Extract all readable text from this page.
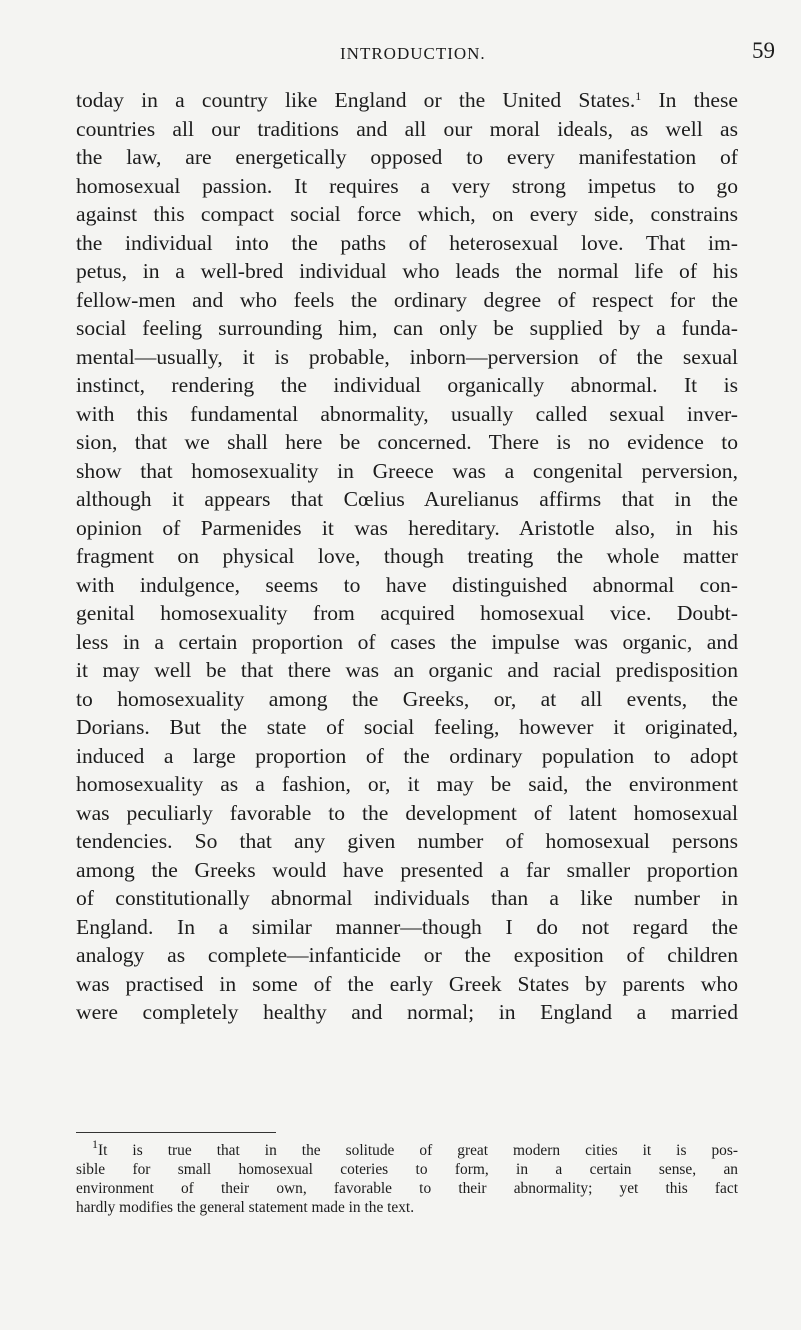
INTRODUCTION.	59
today in a country like England or the United States.$^1$ In these
countries all our traditions and all our moral ideals, as well as
the law, are energetically opposed to every manifestation of
homosexual passion. It requires a very strong impetus to go
against this compact social force which, on every side, constrains
the individual into the paths of heterosexual love. That im-
petus, in a well-bred individual who leads the normal life of his
fellow-men and who feels the ordinary degree of respect for the
social feeling surrounding him, can only be supplied by a funda-
mental—usually, it is probable, inborn—perversion of the sexual
instinct, rendering the individual organically abnormal. It is
with this fundamental abnormality, usually called sexual inver-
sion, that we shall here be concerned. There is no evidence to
show that homosexuality in Greece was a congenital perversion,
although it appears that Cœlius Aurelianus affirms that in the
opinion of Parmenides it was hereditary. Aristotle also, in his
fragment on physical love, though treating the whole matter
with indulgence, seems to have distinguished abnormal con-
genital homosexuality from acquired homosexual vice. Doubt-
less in a certain proportion of cases the impulse was organic, and
it may well be that there was an organic and racial predisposition
to homosexuality among the Greeks, or, at all events, the
Dorians. But the state of social feeling, however it originated,
induced a large proportion of the ordinary population to adopt
homosexuality as a fashion, or, it may be said, the environment
was peculiarly favorable to the development of latent homosexual
tendencies. So that any given number of homosexual persons
among the Greeks would have presented a far smaller proportion
of constitutionally abnormal individuals than a like number in
England. In a similar manner—though I do not regard the
analogy as complete—infanticide or the exposition of children
was practised in some of the early Greek States by parents who
were completely healthy and normal; in England a married
$^1$It is true that in the solitude of great modern cities it is pos-
sible for small homosexual coteries to form, in a certain sense, an
environment of their own, favorable to their abnormality; yet this fact
hardly modifies the general statement made in the text.
